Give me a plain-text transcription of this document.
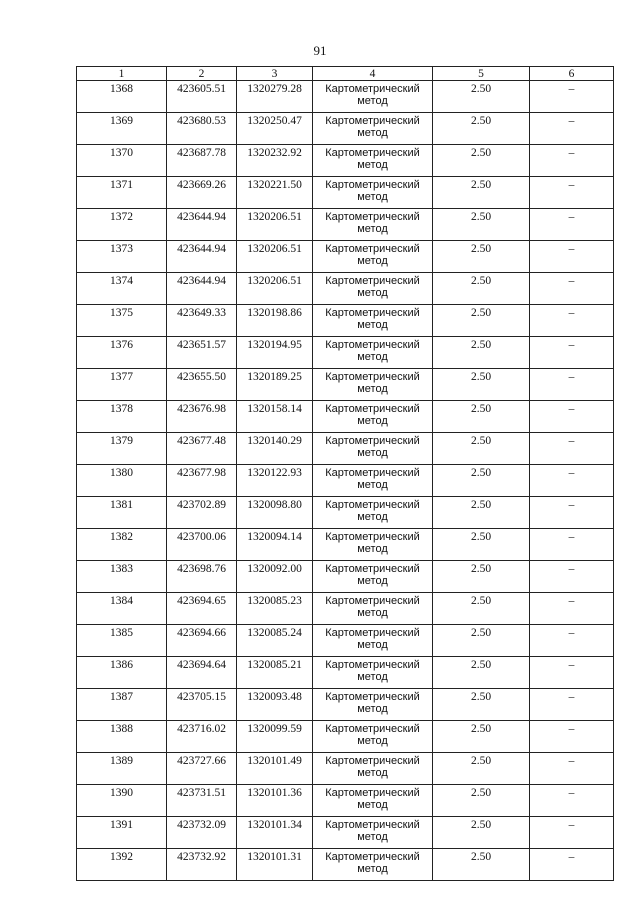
91
1	2	3	4	5	6
1368	423605.51	1320279.28	Картометрический
метод	2.50	–
1369	423680.53	1320250.47	Картометрический
метод	2.50	–
1370	423687.78	1320232.92	Картометрический
метод	2.50	–
1371	423669.26	1320221.50	Картометрический
метод	2.50	–
1372	423644.94	1320206.51	Картометрический
метод	2.50	–
1373	423644.94	1320206.51	Картометрический
метод	2.50	–
1374	423644.94	1320206.51	Картометрический
метод	2.50	–
1375	423649.33	1320198.86	Картометрический
метод	2.50	–
1376	423651.57	1320194.95	Картометрический
метод	2.50	–
1377	423655.50	1320189.25	Картометрический
метод	2.50	–
1378	423676.98	1320158.14	Картометрический
метод	2.50	–
1379	423677.48	1320140.29	Картометрический
метод	2.50	–
1380	423677.98	1320122.93	Картометрический
метод	2.50	–
1381	423702.89	1320098.80	Картометрический
метод	2.50	–
1382	423700.06	1320094.14	Картометрический
метод	2.50	–
1383	423698.76	1320092.00	Картометрический
метод	2.50	–
1384	423694.65	1320085.23	Картометрический
метод	2.50	–
1385	423694.66	1320085.24	Картометрический
метод	2.50	–
1386	423694.64	1320085.21	Картометрический
метод	2.50	–
1387	423705.15	1320093.48	Картометрический
метод	2.50	–
1388	423716.02	1320099.59	Картометрический
метод	2.50	–
1389	423727.66	1320101.49	Картометрический
метод	2.50	–
1390	423731.51	1320101.36	Картометрический
метод	2.50	–
1391	423732.09	1320101.34	Картометрический
метод	2.50	–
1392	423732.92	1320101.31	Картометрический
метод	2.50	–
